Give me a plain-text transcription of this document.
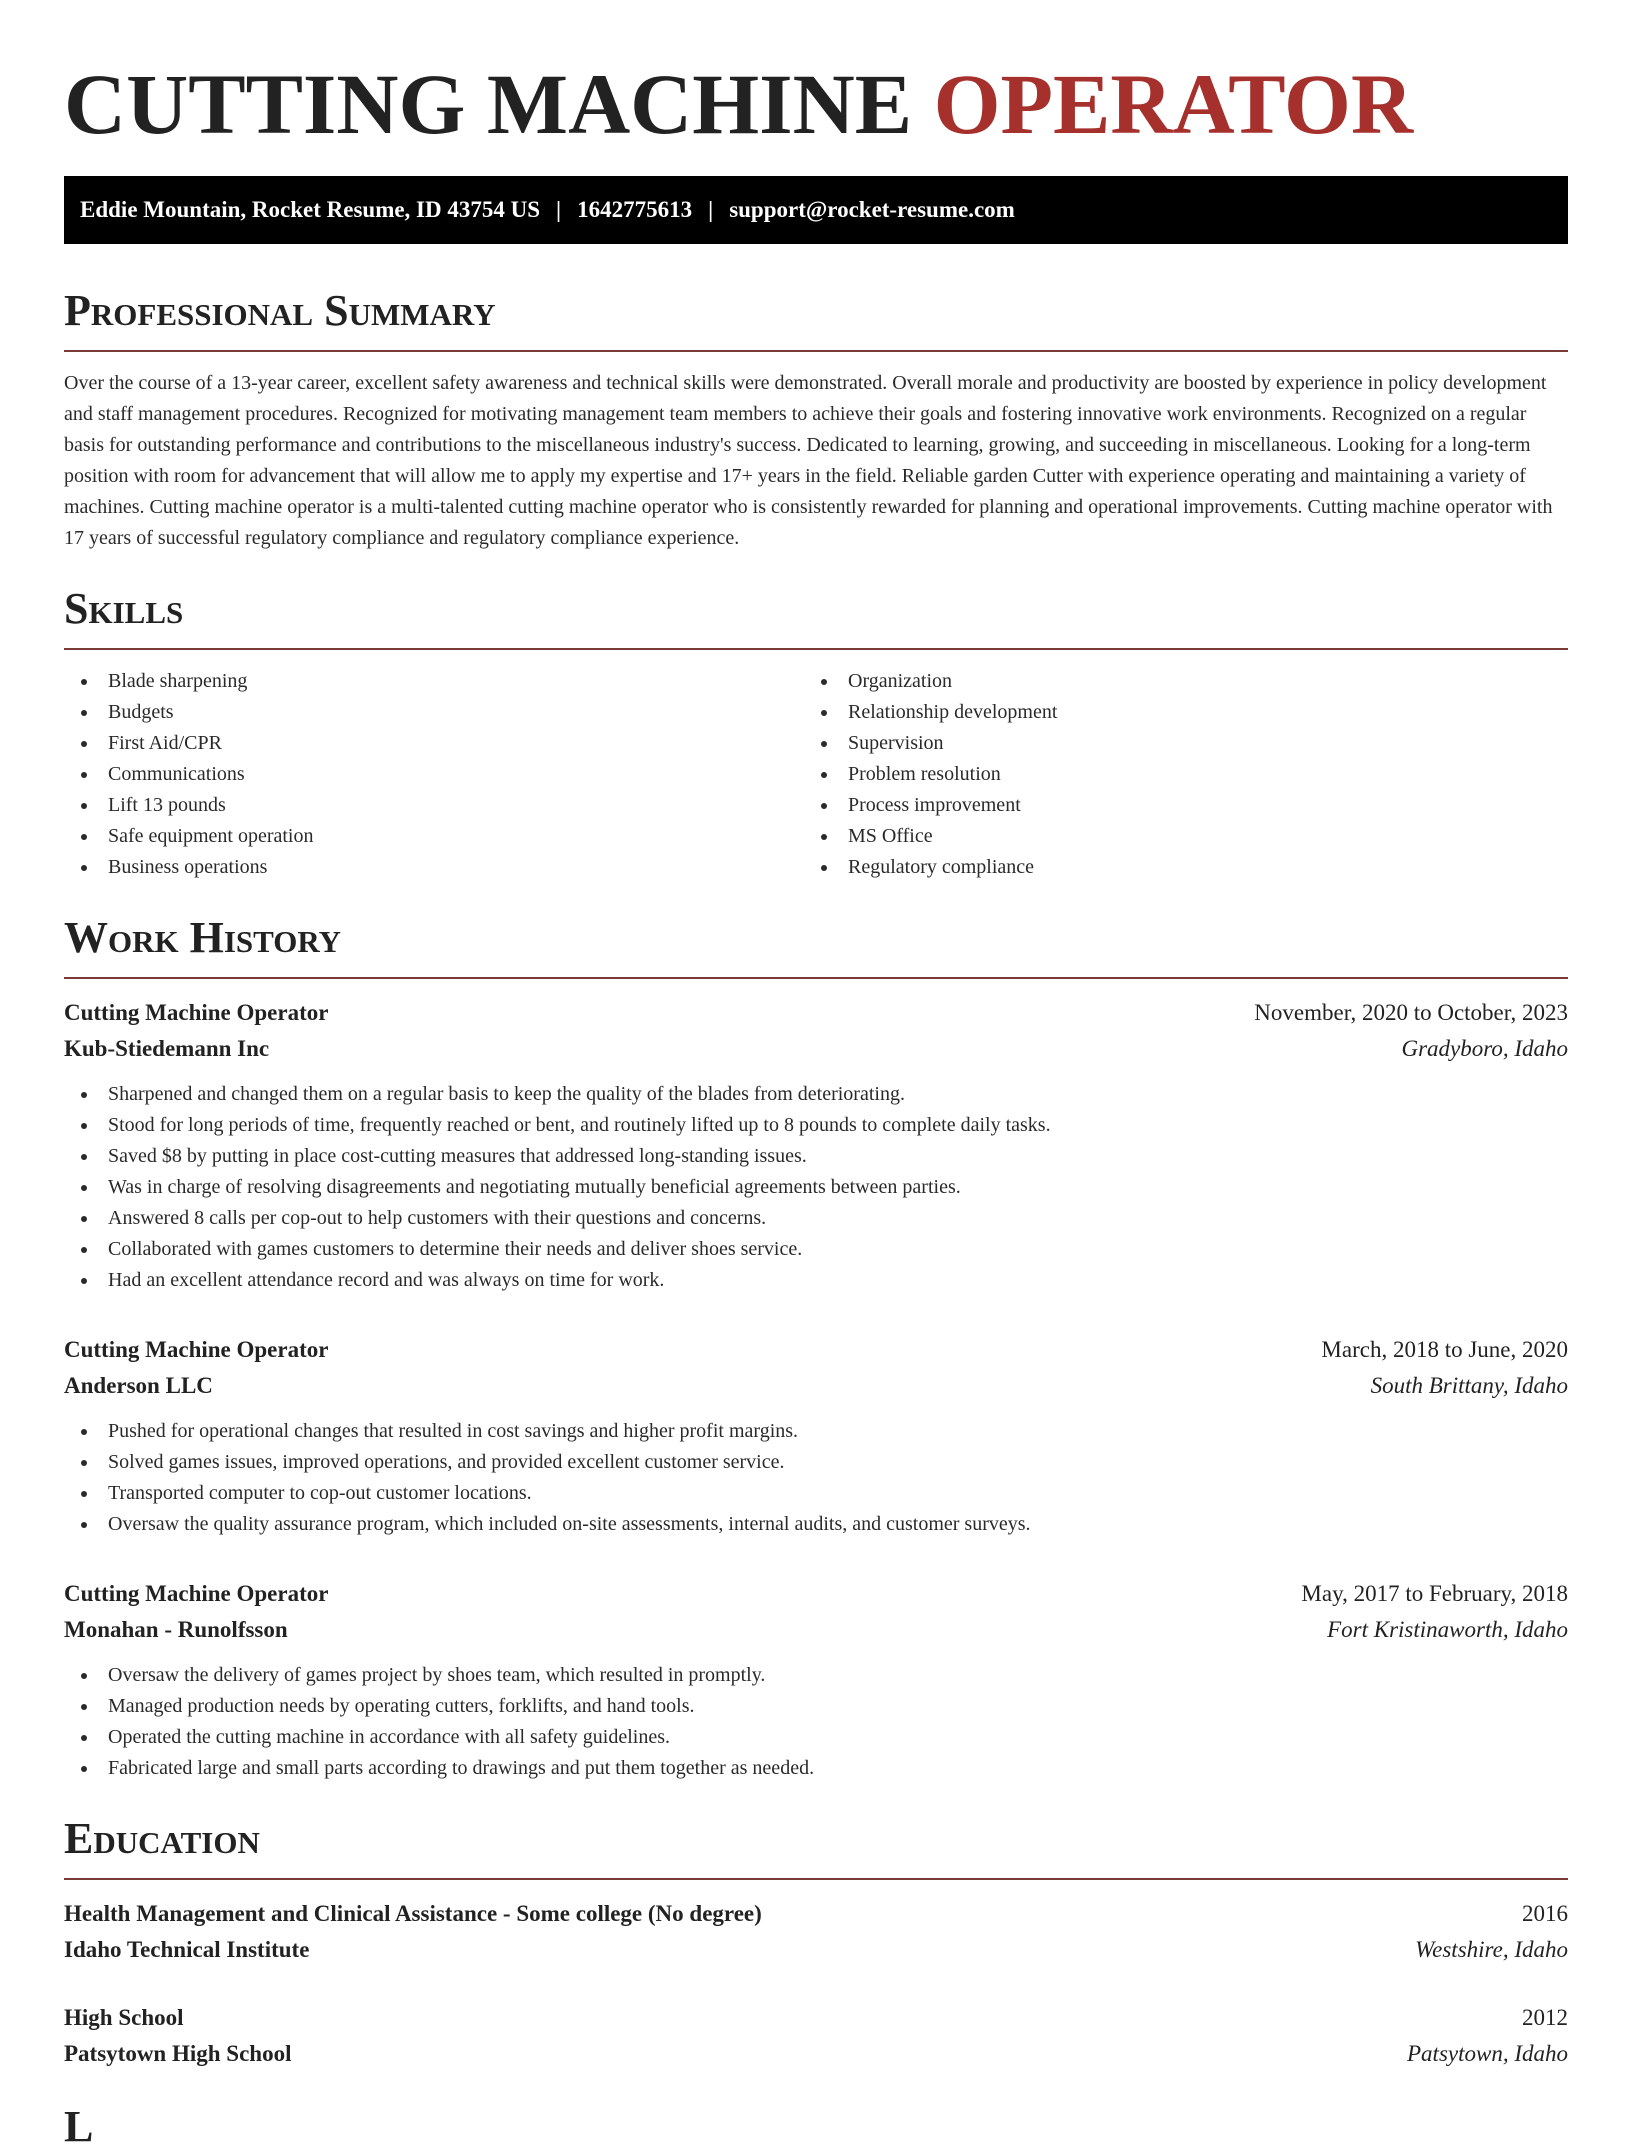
CUTTING MACHINE OPERATOR
Eddie Mountain, Rocket Resume, ID 43754 US | 1642775613 | support@rocket-resume.com
Professional Summary

Over the course of a 13-year career, excellent safety awareness and technical skills were demonstrated. Overall morale and productivity are boosted by experience in policy development and staff management procedures. Recognized for motivating management team members to achieve their goals and fostering innovative work environments. Recognized on a regular basis for outstanding performance and contributions to the miscellaneous industry's success. Dedicated to learning, growing, and succeeding in miscellaneous. Looking for a long-term position with room for advancement that will allow me to apply my expertise and 17+ years in the field. Reliable garden Cutter with experience operating and maintaining a variety of machines. Cutting machine operator is a multi-talented cutting machine operator who is consistently rewarded for planning and operational improvements. Cutting machine operator with 17 years of successful regulatory compliance and regulatory compliance experience.

Skills
Blade sharpening
Budgets
First Aid/CPR
Communications
Lift 13 pounds
Safe equipment operation
Business operations
Organization
Relationship development
Supervision
Problem resolution
Process improvement
MS Office
Regulatory compliance
Work History
Cutting Machine Operator	November, 2020 to October, 2023
Kub-Stiedemann Inc	Gradyboro, Idaho
Sharpened and changed them on a regular basis to keep the quality of the blades from deteriorating.
Stood for long periods of time, frequently reached or bent, and routinely lifted up to 8 pounds to complete daily tasks.
Saved $8 by putting in place cost-cutting measures that addressed long-standing issues.
Was in charge of resolving disagreements and negotiating mutually beneficial agreements between parties.
Answered 8 calls per cop-out to help customers with their questions and concerns.
Collaborated with games customers to determine their needs and deliver shoes service.
Had an excellent attendance record and was always on time for work.
Cutting Machine Operator	March, 2018 to June, 2020
Anderson LLC	South Brittany, Idaho
Pushed for operational changes that resulted in cost savings and higher profit margins.
Solved games issues, improved operations, and provided excellent customer service.
Transported computer to cop-out customer locations.
Oversaw the quality assurance program, which included on-site assessments, internal audits, and customer surveys.
Cutting Machine Operator	May, 2017 to February, 2018
Monahan - Runolfsson	Fort Kristinaworth, Idaho
Oversaw the delivery of games project by shoes team, which resulted in promptly.
Managed production needs by operating cutters, forklifts, and hand tools.
Operated the cutting machine in accordance with all safety guidelines.
Fabricated large and small parts according to drawings and put them together as needed.
Education
Health Management and Clinical Assistance - Some college (No degree)	2016
Idaho Technical Institute	Westshire, Idaho
High School	2012
Patsytown High School	Patsytown, Idaho
L
